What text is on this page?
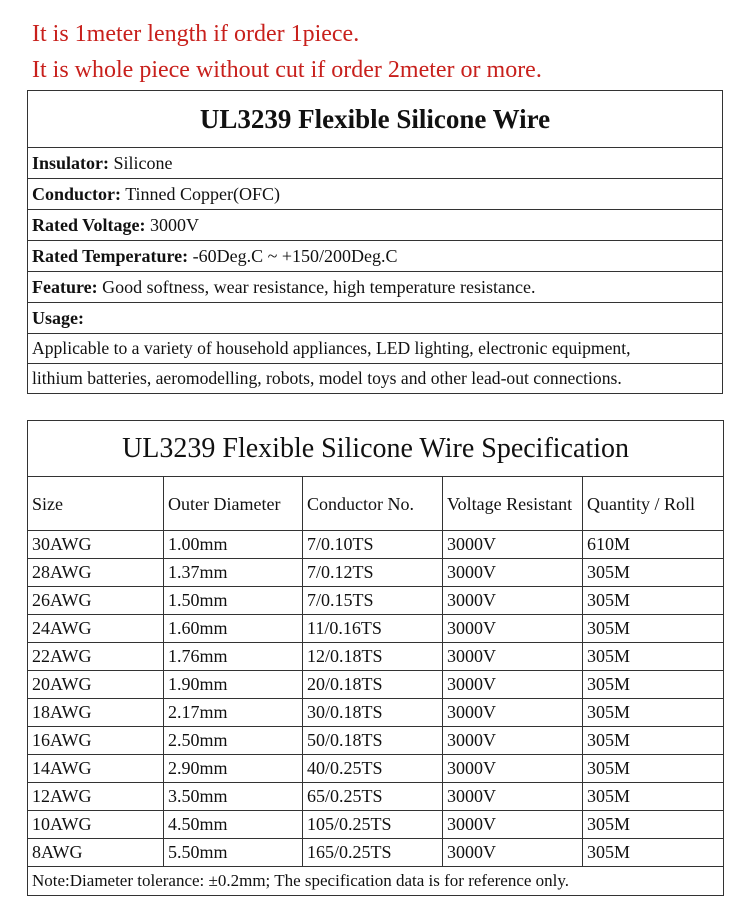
It is 1meter length if order 1piece.
It is whole piece without cut if order 2meter or more.
UL3239 Flexible Silicone Wire
Insulator: Silicone
Conductor: Tinned Copper(OFC)
Rated Voltage: 3000V
Rated Temperature: -60Deg.C ~ +150/200Deg.C
Feature: Good softness, wear resistance, high temperature resistance.
Usage:
Applicable to a variety of household appliances, LED lighting, electronic equipment,
lithium batteries, aeromodelling, robots, model toys and other lead-out connections.
UL3239 Flexible Silicone Wire Specification				
Size	Outer Diameter	Conductor No.	Voltage Resistant	Quantity / Roll
30AWG	1.00mm	7/0.10TS	3000V	610M
28AWG	1.37mm	7/0.12TS	3000V	305M
26AWG	1.50mm	7/0.15TS	3000V	305M
24AWG	1.60mm	11/0.16TS	3000V	305M
22AWG	1.76mm	12/0.18TS	3000V	305M
20AWG	1.90mm	20/0.18TS	3000V	305M
18AWG	2.17mm	30/0.18TS	3000V	305M
16AWG	2.50mm	50/0.18TS	3000V	305M
14AWG	2.90mm	40/0.25TS	3000V	305M
12AWG	3.50mm	65/0.25TS	3000V	305M
10AWG	4.50mm	105/0.25TS	3000V	305M
8AWG	5.50mm	165/0.25TS	3000V	305M
Note:Diameter tolerance: ±0.2mm; The specification data is for reference only.				
